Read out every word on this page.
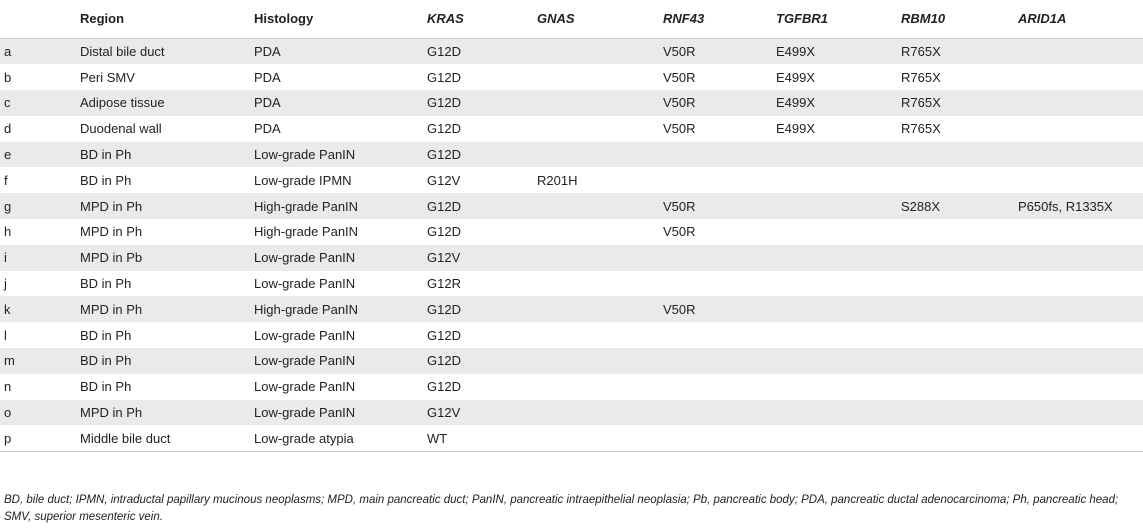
	Region	Histology	KRAS	GNAS	RNF43	TGFBR1	RBM10	ARID1A
a	Distal bile duct	PDA	G12D		V50R	E499X	R765X	
b	Peri SMV	PDA	G12D		V50R	E499X	R765X	
c	Adipose tissue	PDA	G12D		V50R	E499X	R765X	
d	Duodenal wall	PDA	G12D		V50R	E499X	R765X	
e	BD in Ph	Low-grade PanIN	G12D					
f	BD in Ph	Low-grade IPMN	G12V	R201H				
g	MPD in Ph	High-grade PanIN	G12D		V50R		S288X	P650fs, R1335X
h	MPD in Ph	High-grade PanIN	G12D		V50R			
i	MPD in Pb	Low-grade PanIN	G12V					
j	BD in Ph	Low-grade PanIN	G12R					
k	MPD in Ph	High-grade PanIN	G12D		V50R			
l	BD in Ph	Low-grade PanIN	G12D					
m	BD in Ph	Low-grade PanIN	G12D					
n	BD in Ph	Low-grade PanIN	G12D					
o	MPD in Ph	Low-grade PanIN	G12V					
p	Middle bile duct	Low-grade atypia	WT					
BD, bile duct; IPMN, intraductal papillary mucinous neoplasms; MPD, main pancreatic duct; PanIN, pancreatic intraepithelial neoplasia; Pb, pancreatic body; PDA, pancreatic ductal adenocarcinoma; Ph, pancreatic head; SMV, superior mesenteric vein.
